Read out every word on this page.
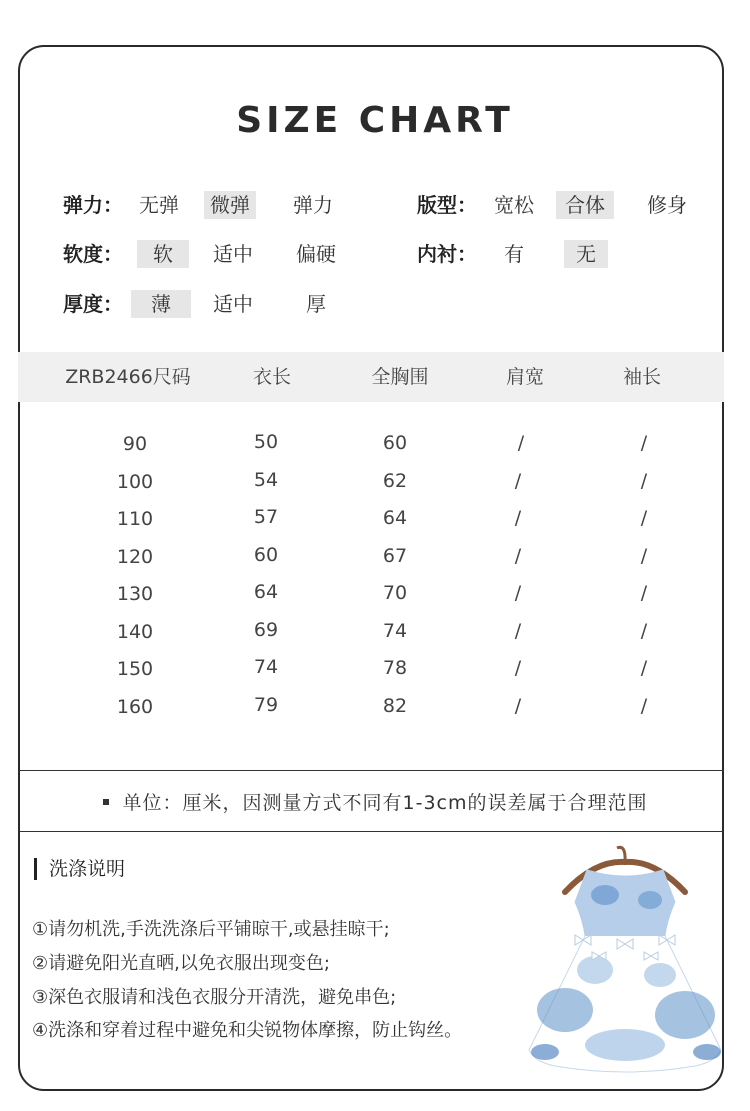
SIZE CHART
弹力： 无弹	微弹	弹力	版型： 宽松	合体	修身
软度：	软	适中	偏硬	内衬：	有	无
厚度：	薄	适中	厚
ZRB2466尺码	衣长	全胸围	肩宽	袖长
90	50	60	/	/
100	54	62	/	/
110	57	64	/	/
120	60	67	/	/
130	64	70	/	/
140	69	74	/	/
150	74	78	/	/
160	79	82	/	/
单位：厘米，因测量方式不同有1-3cm的误差属于合理范围
洗涤说明
①请勿机洗,手洗洗涤后平铺晾干,或悬挂晾干;
②请避免阳光直晒,以免衣服出现变色;
③深色衣服请和浅色衣服分开清洗，避免串色;
④洗涤和穿着过程中避免和尖锐物体摩擦，防止钩丝。
